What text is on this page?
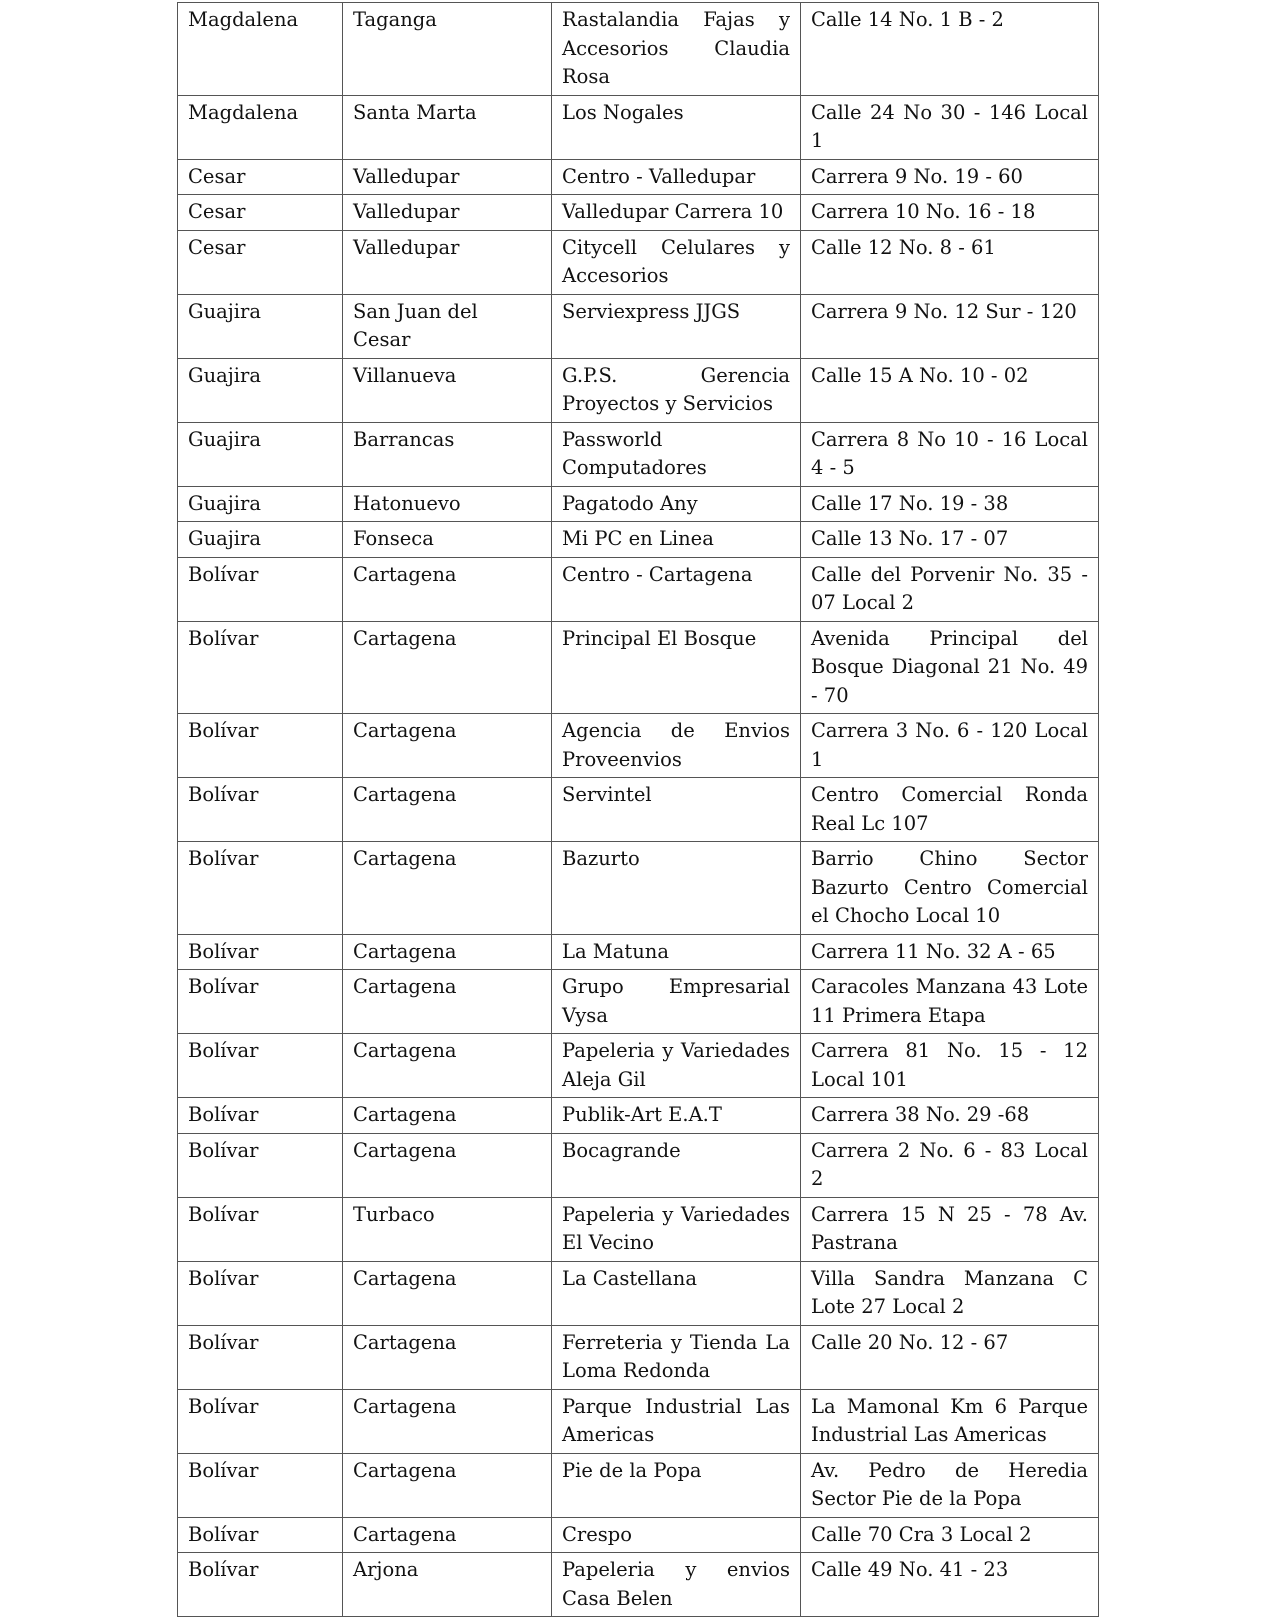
Magdalena	Taganga	Rastalandia Fajas y Accesorios Claudia Rosa	Calle 14 No. 1 B - 2
Magdalena	Santa Marta	Los Nogales	Calle 24 No 30 - 146 Local 1
Cesar	Valledupar	Centro - Valledupar	Carrera 9 No. 19 - 60
Cesar	Valledupar	Valledupar Carrera 10	Carrera 10 No. 16 - 18
Cesar	Valledupar	Citycell Celulares y Accesorios	Calle 12 No. 8 - 61
Guajira	San Juan del Cesar	Serviexpress JJGS	Carrera 9 No. 12 Sur - 120
Guajira	Villanueva	G.P.S. Gerencia Proyectos y Servicios	Calle 15 A No. 10 - 02
Guajira	Barrancas	Passworld Computadores	Carrera 8 No 10 - 16 Local 4 - 5
Guajira	Hatonuevo	Pagatodo Any	Calle 17 No. 19 - 38
Guajira	Fonseca	Mi PC en Linea	Calle 13 No. 17 - 07
Bolívar	Cartagena	Centro - Cartagena	Calle del Porvenir No. 35 - 07 Local 2
Bolívar	Cartagena	Principal El Bosque	Avenida Principal del Bosque Diagonal 21 No. 49 - 70
Bolívar	Cartagena	Agencia de Envios Proveenvios	Carrera 3 No. 6 - 120 Local 1
Bolívar	Cartagena	Servintel	Centro Comercial Ronda Real Lc 107
Bolívar	Cartagena	Bazurto	Barrio Chino Sector Bazurto Centro Comercial el Chocho Local 10
Bolívar	Cartagena	La Matuna	Carrera 11 No. 32 A - 65
Bolívar	Cartagena	Grupo Empresarial Vysa	Caracoles Manzana 43 Lote 11 Primera Etapa
Bolívar	Cartagena	Papeleria y Variedades Aleja Gil	Carrera 81 No. 15 - 12 Local 101
Bolívar	Cartagena	Publik-Art E.A.T	Carrera 38 No. 29 -68
Bolívar	Cartagena	Bocagrande	Carrera 2 No. 6 - 83 Local 2
Bolívar	Turbaco	Papeleria y Variedades El Vecino	Carrera 15 N 25 - 78 Av. Pastrana
Bolívar	Cartagena	La Castellana	Villa Sandra Manzana C Lote 27 Local 2
Bolívar	Cartagena	Ferreteria y Tienda La Loma Redonda	Calle 20 No. 12 - 67
Bolívar	Cartagena	Parque Industrial Las Americas	La Mamonal Km 6 Parque Industrial Las Americas
Bolívar	Cartagena	Pie de la Popa	Av. Pedro de Heredia Sector Pie de la Popa
Bolívar	Cartagena	Crespo	Calle 70 Cra 3 Local 2
Bolívar	Arjona	Papeleria y envios Casa Belen	Calle 49 No. 41 - 23
